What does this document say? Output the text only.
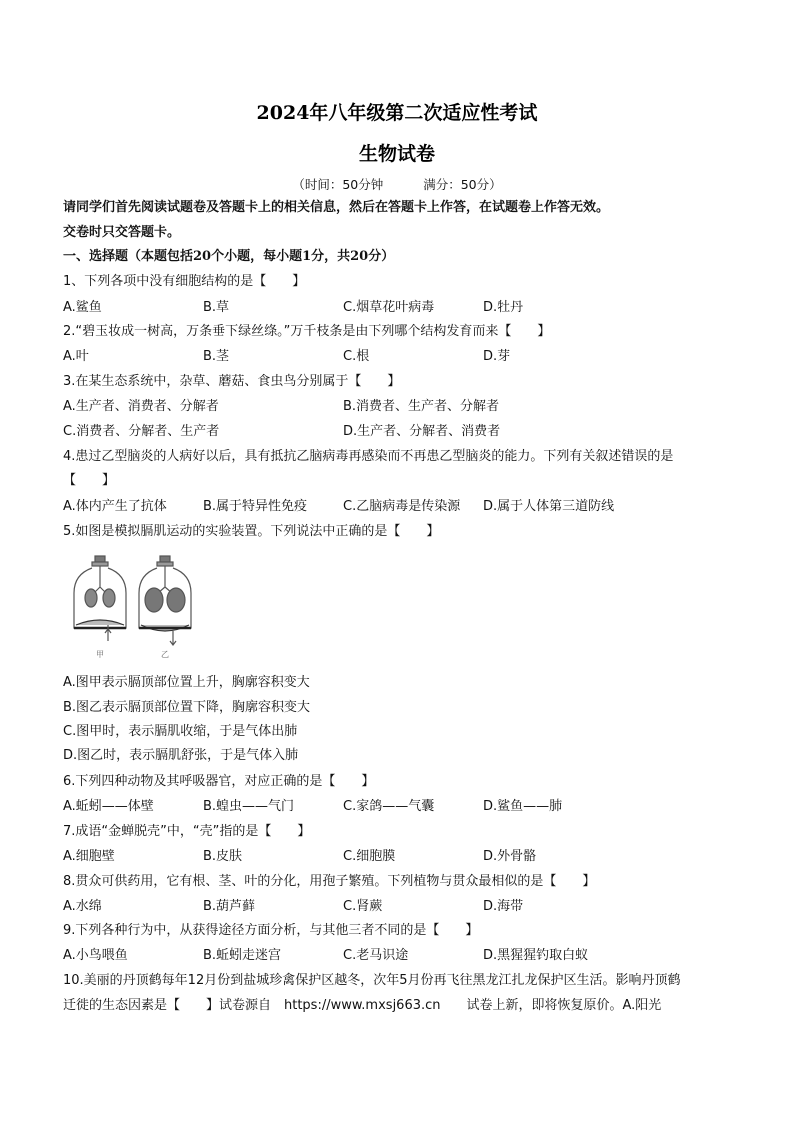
2024年八年级第二次适应性考试
生物试卷
（时间：50分钟	满分：50分）
请同学们首先阅读试题卷及答题卡上的相关信息，然后在答题卡上作答，在试题卷上作答无效。
交卷时只交答题卡。
一、选择题（本题包括20个小题，每小题1分，共20分）
1、下列各项中没有细胞结构的是【　　】
A.鲨鱼	B.草	C.烟草花叶病毒	D.牡丹
2.“碧玉妆成一树高，万条垂下绿丝绦。”万千枝条是由下列哪个结构发育而来【　　】
A.叶	B.茎	C.根	D.芽
3.在某生态系统中，杂草、蘑菇、食虫鸟分别属于【　　】
A.生产者、消费者、分解者	B.消费者、生产者、分解者
C.消费者、分解者、生产者	D.生产者、分解者、消费者
4.患过乙型脑炎的人病好以后，具有抵抗乙脑病毒再感染而不再患乙型脑炎的能力。下列有关叙述错误的是
【　　】
A.体内产生了抗体	B.属于特异性免疫	C.乙脑病毒是传染源 D.属于人体第三道防线
5.如图是模拟膈肌运动的实验装置。下列说法中正确的是【　　】
甲	乙
A.图甲表示膈顶部位置上升，胸廓容积变大
B.图乙表示膈顶部位置下降，胸廓容积变大
C.图甲时，表示膈肌收缩，于是气体出肺
D.图乙时，表示膈肌舒张，于是气体入肺
6.下列四种动物及其呼吸器官，对应正确的是【　　】
A.蚯蚓——体壁	B.蝗虫——气门	C.家鸽——气囊	D.鲨鱼——肺
7.成语“金蝉脱壳”中，“壳”指的是【　　】
A.细胞壁	B.皮肤	C.细胞膜	D.外骨骼
8.贯众可供药用，它有根、茎、叶的分化，用孢子繁殖。下列植物与贯众最相似的是【　　】
A.水绵	B.葫芦藓	C.肾蕨	D.海带
9.下列各种行为中，从获得途径方面分析，与其他三者不同的是【　　】
A.小鸟喂鱼	B.蚯蚓走迷宫	C.老马识途	D.黑猩猩钓取白蚁
10.美丽的丹顶鹤每年12月份到盐城珍禽保护区越冬，次年5月份再飞往黑龙江扎龙保护区生活。影响丹顶鹤
迁徙的生态因素是【　　】试卷源自　https://www.mxsj663.cn　　试卷上新，即将恢复原价。A.阳光
